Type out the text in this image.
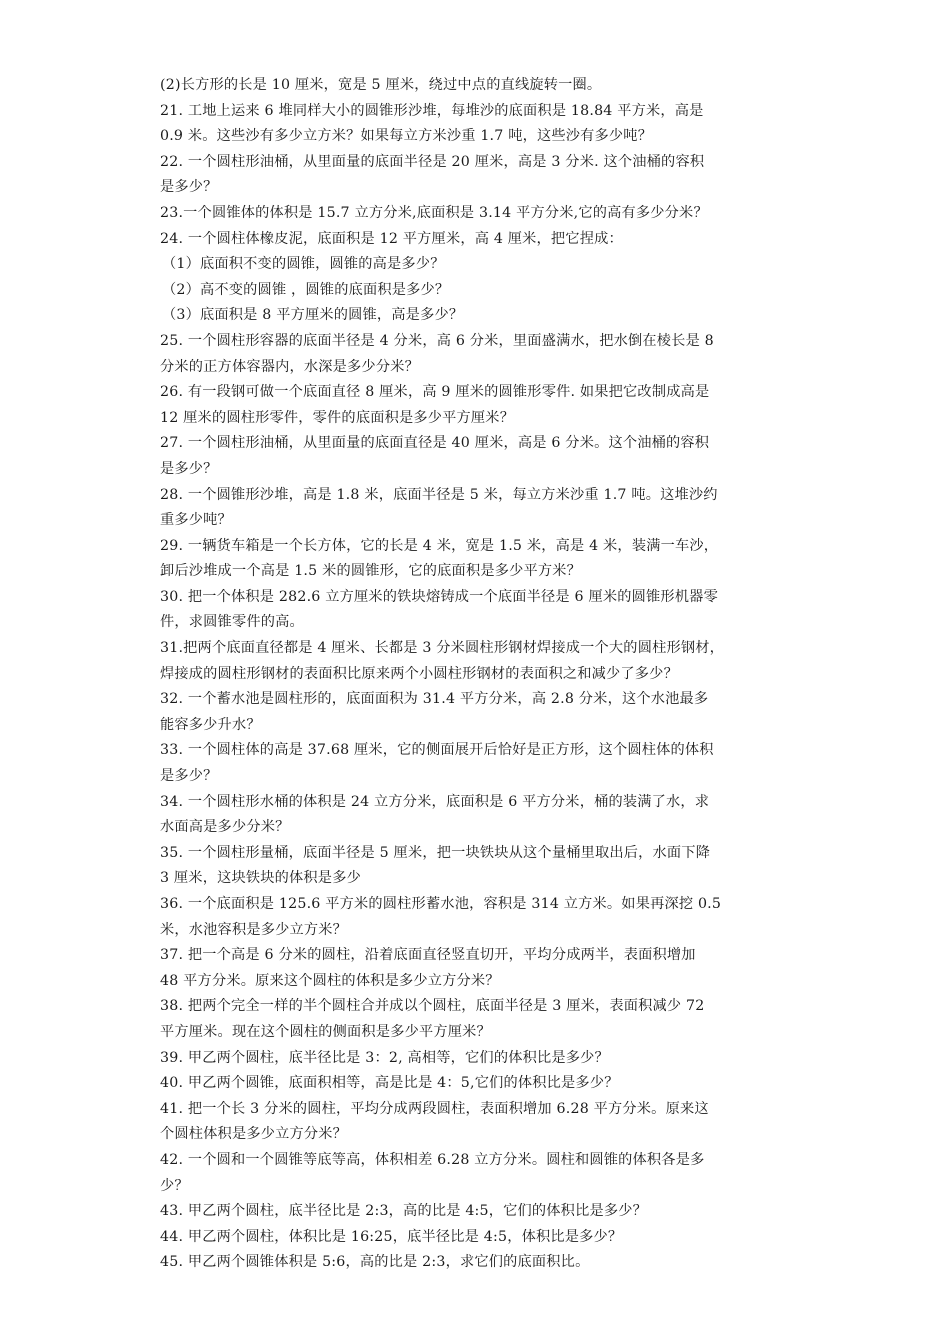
(2)长方形的长是 10 厘米，宽是 5 厘米，绕过中点的直线旋转一圈。
21. 工地上运来 6 堆同样大小的圆锥形沙堆，每堆沙的底面积是 18.84 平方米，高是
0.9 米。这些沙有多少立方米？如果每立方米沙重 1.7 吨，这些沙有多少吨？
22. 一个圆柱形油桶，从里面量的底面半径是 20 厘米，高是 3 分米. 这个油桶的容积
是多少？
23.一个圆锥体的体积是 15.7 立方分米,底面积是 3.14 平方分米,它的高有多少分米？
24. 一个圆柱体橡皮泥，底面积是 12 平方厘米，高 4 厘米，把它捏成：
（1）底面积不变的圆锥，圆锥的高是多少？
（2）高不变的圆锥 ，圆锥的底面积是多少？
（3）底面积是 8 平方厘米的圆锥，高是多少？
25. 一个圆柱形容器的底面半径是 4 分米，高 6 分米，里面盛满水，把水倒在棱长是 8
分米的正方体容器内，水深是多少分米？
26. 有一段钢可做一个底面直径 8 厘米，高 9 厘米的圆锥形零件. 如果把它改制成高是
12 厘米的圆柱形零件，零件的底面积是多少平方厘米？
27. 一个圆柱形油桶，从里面量的底面直径是 40 厘米，高是 6 分米。这个油桶的容积
是多少？
28. 一个圆锥形沙堆，高是 1.8 米，底面半径是 5 米，每立方米沙重 1.7 吨。这堆沙约
重多少吨？
29. 一辆货车箱是一个长方体，它的长是 4 米，宽是 1.5 米，高是 4 米，装满一车沙，
卸后沙堆成一个高是 1.5 米的圆锥形，它的底面积是多少平方米？
30. 把一个体积是 282.6 立方厘米的铁块熔铸成一个底面半径是 6 厘米的圆锥形机器零
件，求圆锥零件的高。
31.把两个底面直径都是 4 厘米、长都是 3 分米圆柱形钢材焊接成一个大的圆柱形钢材，
焊接成的圆柱形钢材的表面积比原来两个小圆柱形钢材的表面积之和减少了多少？
32. 一个蓄水池是圆柱形的，底面面积为 31.4 平方分米，高 2.8 分米，这个水池最多
能容多少升水？
33. 一个圆柱体的高是 37.68 厘米，它的侧面展开后恰好是正方形，这个圆柱体的体积
是多少？
34. 一个圆柱形水桶的体积是 24 立方分米，底面积是 6 平方分米，桶的装满了水，求
水面高是多少分米？
35. 一个圆柱形量桶，底面半径是 5 厘米，把一块铁块从这个量桶里取出后，水面下降
3 厘米，这块铁块的体积是多少
36. 一个底面积是 125.6 平方米的圆柱形蓄水池，容积是 314 立方米。如果再深挖 0.5
米，水池容积是多少立方米？
37. 把一个高是 6 分米的圆柱，沿着底面直径竖直切开，平均分成两半，表面积增加
48 平方分米。原来这个圆柱的体积是多少立方分米？
38. 把两个完全一样的半个圆柱合并成以个圆柱，底面半径是 3 厘米，表面积减少 72
平方厘米。现在这个圆柱的侧面积是多少平方厘米？
39. 甲乙两个圆柱，底半径比是 3：2, 高相等，它们的体积比是多少？
40. 甲乙两个圆锥，底面积相等，高是比是 4：5,它们的体积比是多少？
41. 把一个长 3 分米的圆柱，平均分成两段圆柱，表面积增加 6.28 平方分米。原来这
个圆柱体积是多少立方分米？
42. 一个圆和一个圆锥等底等高，体积相差 6.28 立方分米。圆柱和圆锥的体积各是多
少？
43. 甲乙两个圆柱，底半径比是 2:3，高的比是 4:5，它们的体积比是多少？
44. 甲乙两个圆柱，体积比是 16:25，底半径比是 4:5，体积比是多少？
45. 甲乙两个圆锥体积是 5:6，高的比是 2:3，求它们的底面积比。
